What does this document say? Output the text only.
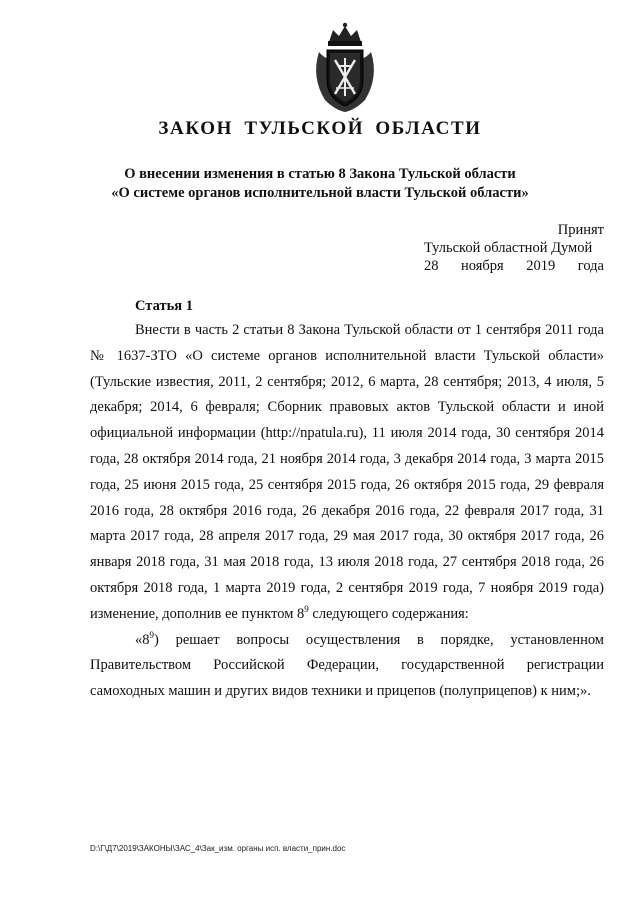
ЗАКОН ТУЛЬСКОЙ ОБЛАСТИ
О внесении изменения в статью 8 Закона Тульской области
«О системе органов исполнительной власти Тульской области»
Принят
Тульской областной Думой
28 ноября 2019 года
Статья 1

Внести в часть 2 статьи 8 Закона Тульской области от 1 сентября 2011 года № 1637-ЗТО «О системе органов исполнительной власти Тульской области» (Тульские известия, 2011, 2 сентября; 2012, 6 марта, 28 сентября; 2013, 4 июля, 5 декабря; 2014, 6 февраля; Сборник правовых актов Тульской области и иной официальной информации (http://npatula.ru), 11 июля 2014 года, 30 сентября 2014 года, 28 октября 2014 года, 21 ноября 2014 года, 3 декабря 2014 года, 3 марта 2015 года, 25 июня 2015 года, 25 сентября 2015 года, 26 октября 2015 года, 29 февраля 2016 года, 28 октября 2016 года, 26 декабря 2016 года, 22 февраля 2017 года, 31 марта 2017 года, 28 апреля 2017 года, 29 мая 2017 года, 30 октября 2017 года, 26 января 2018 года, 31 мая 2018 года, 13 июля 2018 года, 27 сентября 2018 года, 26 октября 2018 года, 1 марта 2019 года, 2 сентября 2019 года, 7 ноября 2019 года) изменение, дополнив ее пунктом $8^9$ следующего содержания:

«$8^9$) решает вопросы осуществления в порядке, установленном Правительством Российской Федерации, государственной регистрации самоходных машин и других видов техники и прицепов (полуприцепов) к ним;».

D:\Г\Д7\2019\ЗАКОНЫ\ЗАС_4\Зак_изм. органы исп. власти_прин.doc
